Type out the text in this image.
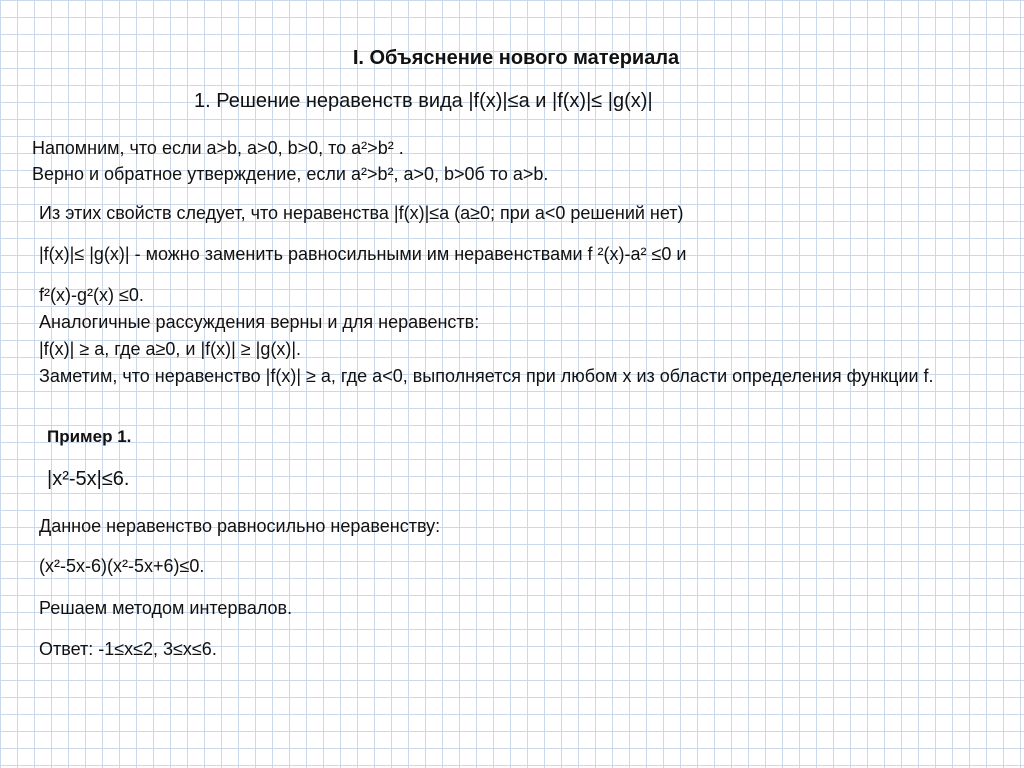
I. Объяснение нового материала
1. Решение неравенств вида |f(x)|≤a и |f(x)|≤ |g(x)|
Напомним, что если a>b, a>0, b>0, то a²>b² .
Верно и обратное утверждение, если a²>b², a>0, b>0б то a>b.
Из этих свойств следует, что неравенства |f(x)|≤a (a≥0; при a<0 решений нет)
|f(x)|≤ |g(x)| - можно заменить равносильными им неравенствами f ²(x)-a² ≤0 и
f²(x)-g²(x) ≤0.
Аналогичные рассуждения верны и для неравенств:
|f(x)| ≥ a, где a≥0, и |f(x)| ≥ |g(x)|.
Заметим, что неравенство |f(x)| ≥ a, где a<0, выполняется при любом x из области определения функции f.
Пример 1.
|x²-5x|≤6.
Данное неравенство равносильно неравенству:
(x²-5x-6)(x²-5x+6)≤0.
Решаем методом интервалов.
Ответ: -1≤x≤2, 3≤x≤6.
